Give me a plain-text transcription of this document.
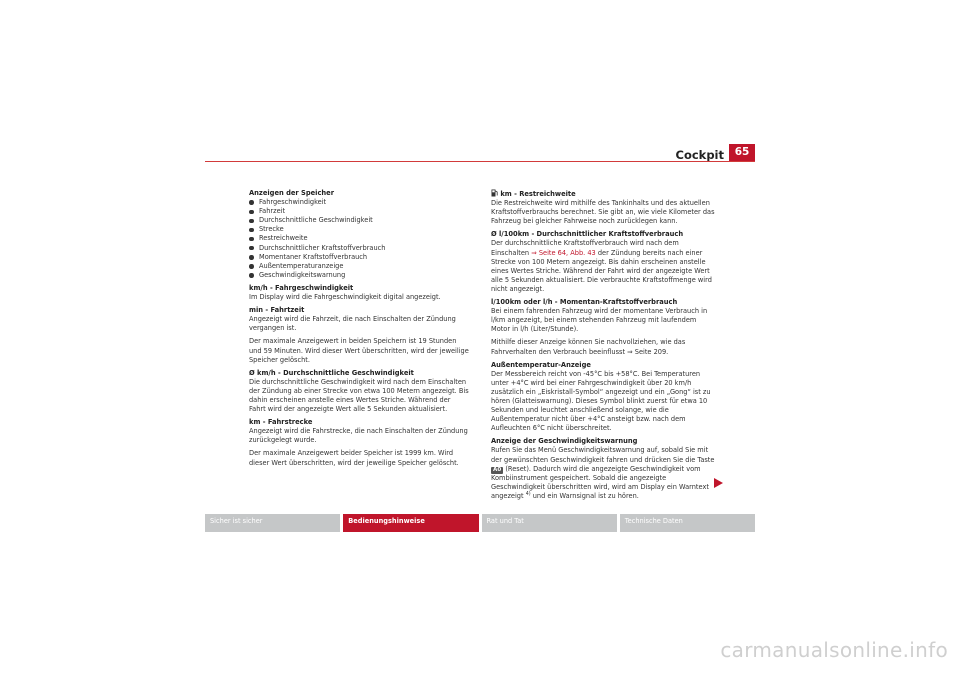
Cockpit	65
Anzeigen der Speicher
Fahrgeschwindigkeit
Fahrzeit
Durchschnittliche Geschwindigkeit
Strecke
Restreichweite
Durchschnittlicher Kraftstoffverbrauch
Momentaner Kraftstoffverbrauch
Außentemperaturanzeige
Geschwindigkeitswarnung
km/h - Fahrgeschwindigkeit

Im Display wird die Fahrgeschwindigkeit digital angezeigt.

min - Fahrtzeit

Angezeigt wird die Fahrzeit, die nach Einschalten der Zündung vergangen ist.

Der maximale Anzeigewert in beiden Speichern ist 19 Stunden und 59 Minuten. Wird dieser Wert überschritten, wird der jeweilige Speicher gelöscht.

Ø km/h - Durchschnittliche Geschwindigkeit

Die durchschnittliche Geschwindigkeit wird nach dem Einschalten der Zündung ab einer Strecke von etwa 100 Metern angezeigt. Bis dahin erscheinen anstelle eines Wertes Striche. Während der Fahrt wird der angezeigte Wert alle 5 Sekunden aktualisiert.

km - Fahrstrecke

Angezeigt wird die Fahrstrecke, die nach Einschalten der Zündung zurückgelegt wurde.

Der maximale Anzeigewert beider Speicher ist 1999 km. Wird dieser Wert überschritten, wird der jeweilige Speicher gelöscht.

km - Restreichweite

Die Restreichweite wird mithilfe des Tankinhalts und des aktuellen Kraftstoffverbrauchs berechnet. Sie gibt an, wie viele Kilometer das Fahrzeug bei gleicher Fahrweise noch zurücklegen kann.

Ø l/100km - Durchschnittlicher Kraftstoffverbrauch

Der durchschnittliche Kraftstoffverbrauch wird nach dem Einschalten ⇒ Seite 64, Abb. 43 der Zündung bereits nach einer Strecke von 100 Metern angezeigt. Bis dahin erscheinen anstelle eines Wertes Striche. Während der Fahrt wird der angezeigte Wert alle 5 Sekunden aktualisiert. Die verbrauchte Kraftstoffmenge wird nicht angezeigt.

l/100km oder l/h - Momentan-Kraftstoffverbrauch

Bei einem fahrenden Fahrzeug wird der momentane Verbrauch in l/km angezeigt, bei einem stehenden Fahrzeug mit laufendem Motor in l/h (Liter/Stunde).

Mithilfe dieser Anzeige können Sie nachvollziehen, wie das Fahrverhalten den Verbrauch beeinflusst ⇒ Seite 209.

Außentemperatur-Anzeige

Der Messbereich reicht von -45°C bis +58°C. Bei Temperaturen unter +4°C wird bei einer Fahrgeschwindigkeit über 20 km/h zusätzlich ein „Eiskristall-Symbol“ angezeigt und ein „Gong“ ist zu hören (Glatteiswarnung). Dieses Symbol blinkt zuerst für etwa 10 Sekunden und leuchtet anschließend solange, wie die Außentemperatur nicht über +4°C ansteigt bzw. nach dem Aufleuchten 6°C nicht überschreitet.

Anzeige der Geschwindigkeitswarnung

Rufen Sie das Menü Geschwindigkeitswarnung auf, sobald Sie mit der gewünschten Geschwindigkeit fahren und drücken Sie die Taste A0 (Reset). Dadurch wird die angezeigte Geschwindigkeit vom Kombiinstrument gespeichert. Sobald die angezeigte Geschwindigkeit überschritten wird, wird am Display ein Warntext angezeigt $^{4)}$ und ein Warnsignal ist zu hören.

Sicher ist sicher	Bedienungshinweise	Rat und Tat	Technische Daten
carmanualsonline.info
